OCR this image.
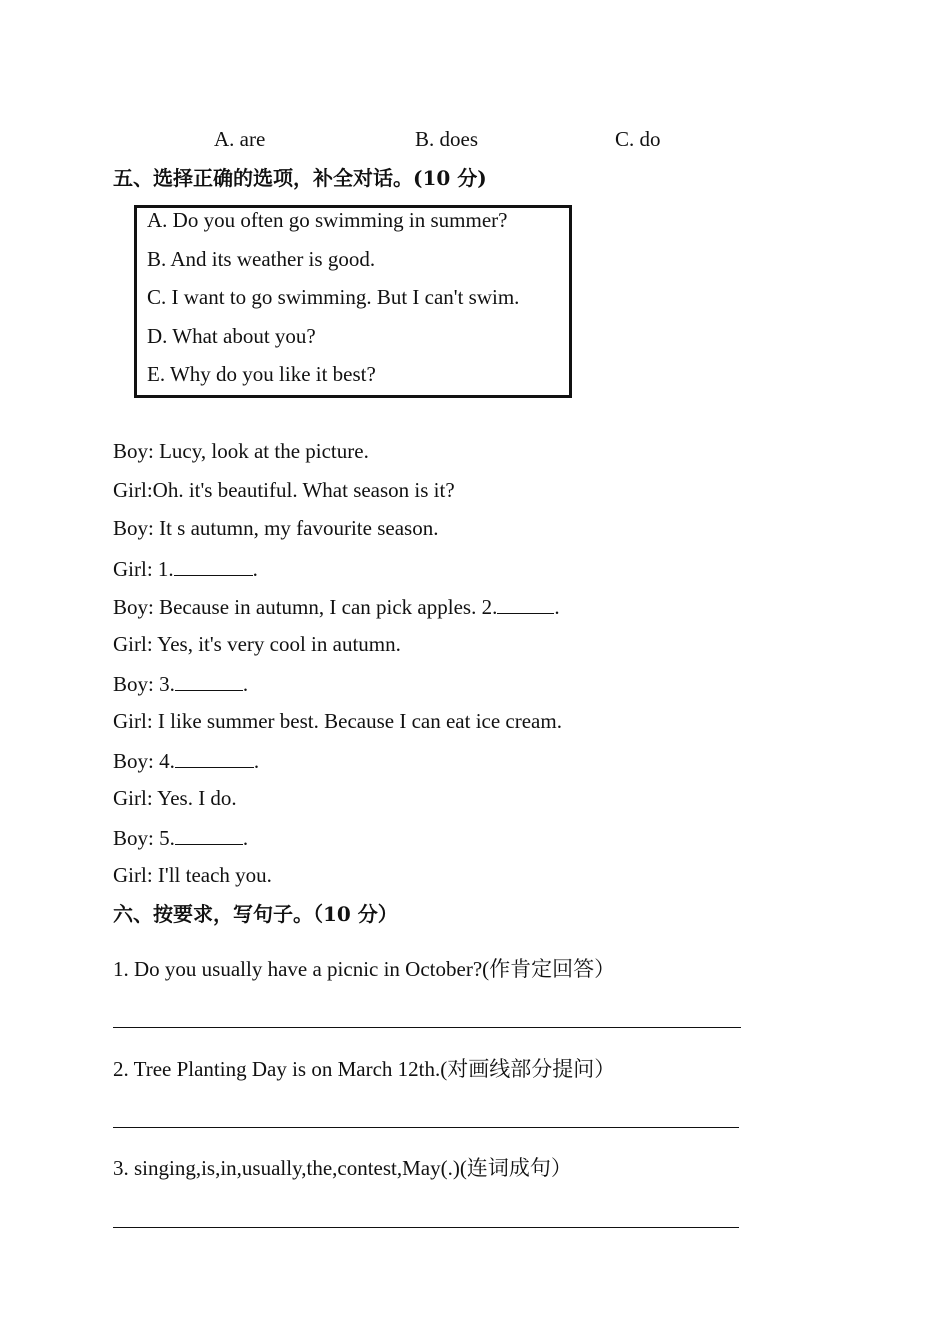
A. are	B. does	C. do
五、选择正确的选项，补全对话。(10 分)
A. Do you often go swimming in summer?
B. And its weather is good.
C. I want to go swimming. But I can't swim.
D. What about you?
E. Why do you like it best?
Boy: Lucy, look at the picture.
Girl:Oh. it's beautiful. What season is it?
Boy: It s autumn, my favourite season.
Girl: 1.	.
Boy: Because in autumn, I can pick apples. 2.	.
Girl: Yes, it's very cool in autumn.
Boy: 3.	.
Girl: I like summer best. Because I can eat ice cream.
Boy: 4.	.
Girl: Yes. I do.
Boy: 5.	.
Girl: I'll teach you.
六、按要求，写句子。（10 分）
1. Do you usually have a picnic in October?(作肯定回答）
2. Tree Planting Day is on March 12th.(对画线部分提问）
3. singing,is,in,usually,the,contest,May(.)(连词成句）
